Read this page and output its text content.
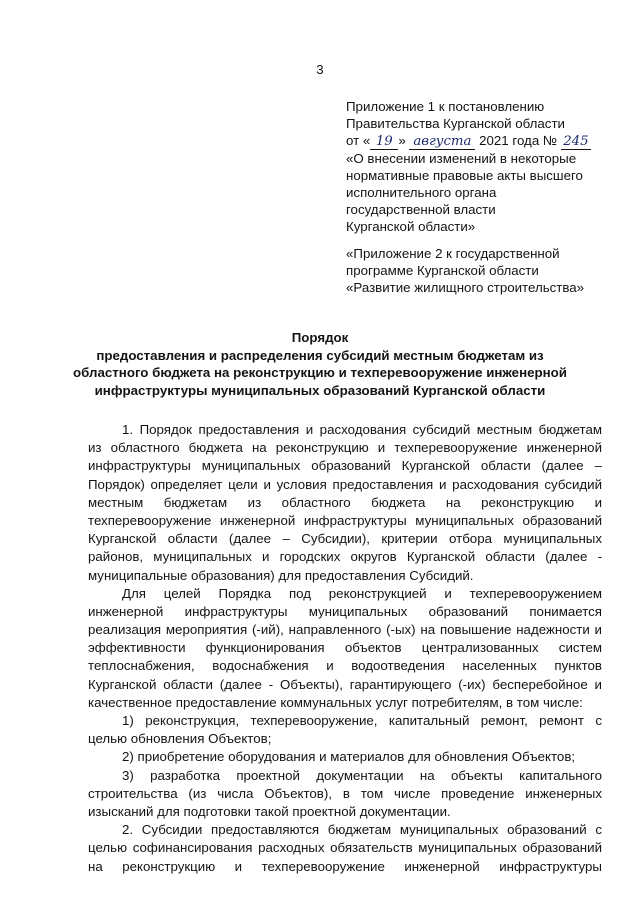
3
Приложение 1 к постановлению
Правительства Курганской области
от « 19 » августа 2021 года № 245
«О внесении изменений в некоторые
нормативные правовые акты высшего
исполнительного органа
государственной власти
Курганской области»
«Приложение 2 к государственной
программе Курганской области
«Развитие жилищного строительства»
Порядок
предоставления и распределения субсидий местным бюджетам из
областного бюджета на реконструкцию и техперевооружение инженерной
инфраструктуры муниципальных образований Курганской области
1. Порядок предоставления и расходования субсидий местным бюджетам
из областного бюджета на реконструкцию и техперевооружение инженерной
инфраструктуры муниципальных образований Курганской области (далее –
Порядок) определяет цели и условия предоставления и расходования субсидий
местным бюджетам из областного бюджета на реконструкцию и
техперевооружение инженерной инфраструктуры муниципальных образований
Курганской области (далее – Субсидии), критерии отбора муниципальных
районов, муниципальных и городских округов Курганской области (далее -
муниципальные образования) для предоставления Субсидий.
Для целей Порядка под реконструкцией и техперевооружением
инженерной инфраструктуры муниципальных образований понимается
реализация мероприятия (-ий), направленного (-ых) на повышение надежности и
эффективности функционирования объектов централизованных систем
теплоснабжения, водоснабжения и водоотведения населенных пунктов
Курганской области (далее - Объекты), гарантирующего (-их) бесперебойное и
качественное предоставление коммунальных услуг потребителям, в том числе:
1) реконструкция, техперевооружение, капитальный ремонт, ремонт с
целью обновления Объектов;
2) приобретение оборудования и материалов для обновления Объектов;
3) разработка проектной документации на объекты капитального
строительства (из числа Объектов), в том числе проведение инженерных
изысканий для подготовки такой проектной документации.
2. Субсидии предоставляются бюджетам муниципальных образований с
целью софинансирования расходных обязательств муниципальных образований
на реконструкцию и техперевооружение инженерной инфраструктуры
